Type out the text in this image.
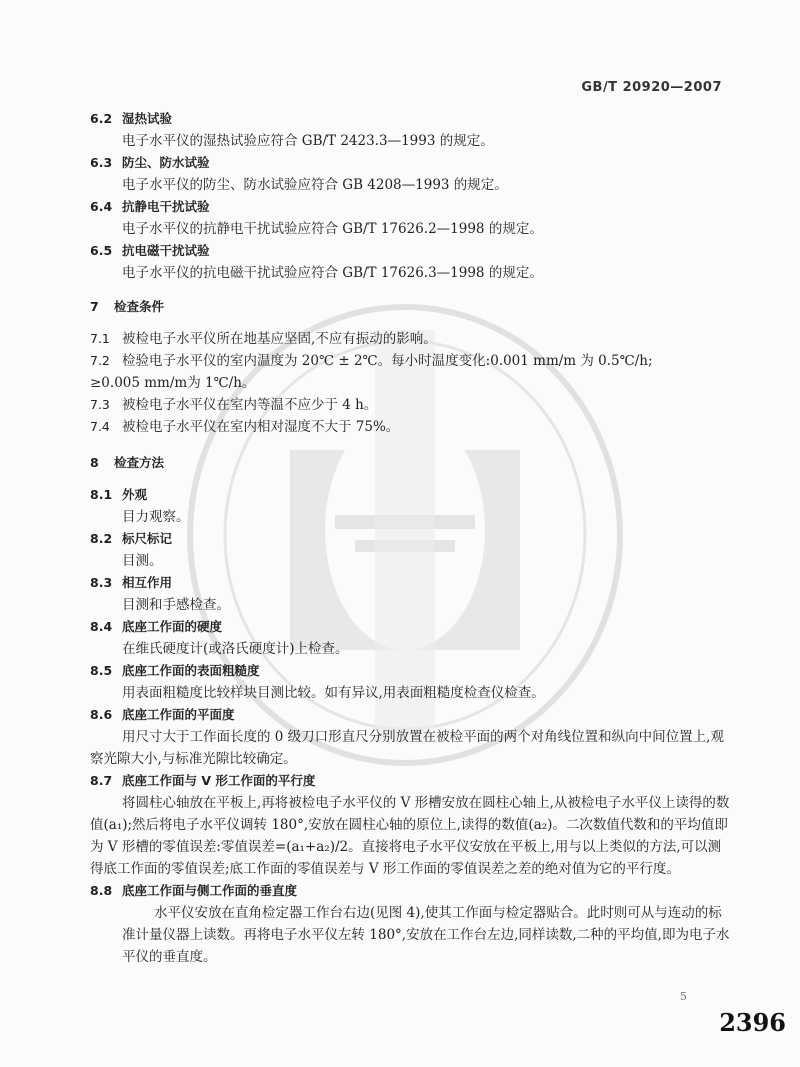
GB/T 20920—2007
6.2 湿热试验
电子水平仪的湿热试验应符合 GB/T 2423.3—1993 的规定。
6.3 防尘、防水试验
电子水平仪的防尘、防水试验应符合 GB 4208—1993 的规定。
6.4 抗静电干扰试验
电子水平仪的抗静电干扰试验应符合 GB/T 17626.2—1998 的规定。
6.5 抗电磁干扰试验
电子水平仪的抗电磁干扰试验应符合 GB/T 17626.3—1998 的规定。
7 检查条件
7.1 被检电子水平仪所在地基应坚固,不应有振动的影响。
7.2 检验电子水平仪的室内温度为 20℃ ± 2℃。每小时温度变化:0.001 mm/m 为 0.5℃/h;
≥0.005 mm/m为 1℃/h。
7.3 被检电子水平仪在室内等温不应少于 4 h。
7.4 被检电子水平仪在室内相对湿度不大于 75%。
8 检查方法
8.1 外观
目力观察。
8.2 标尺标记
目测。
8.3 相互作用
目测和手感检查。
8.4 底座工作面的硬度
在维氏硬度计(或洛氏硬度计)上检查。
8.5 底座工作面的表面粗糙度
用表面粗糙度比较样块目测比较。如有异议,用表面粗糙度检查仪检查。
8.6 底座工作面的平面度
用尺寸大于工作面长度的 0 级刀口形直尺分别放置在被检平面的两个对角线位置和纵向中间位置上,观察光隙大小,与标准光隙比较确定。
8.7 底座工作面与 V 形工作面的平行度
将圆柱心轴放在平板上,再将被检电子水平仪的 V 形槽安放在圆柱心轴上,从被检电子水平仪上读得的数值(a₁);然后将电子水平仪调转 180°,安放在圆柱心轴的原位上,读得的数值(a₂)。二次数值代数和的平均值即为 V 形槽的零值误差:零值误差=(a₁+a₂)/2。直接将电子水平仪安放在平板上,用与以上类似的方法,可以测得底工作面的零值误差;底工作面的零值误差与 V 形工作面的零值误差之差的绝对值为它的平行度。
8.8 底座工作面与侧工作面的垂直度
水平仪安放在直角检定器工作台右边(见图 4),使其工作面与检定器贴合。此时则可从与连动的标准计量仪器上读数。再将电子水平仪左转 180°,安放在工作台左边,同样读数,二种的平均值,即为电子水平仪的垂直度。
5
2396
